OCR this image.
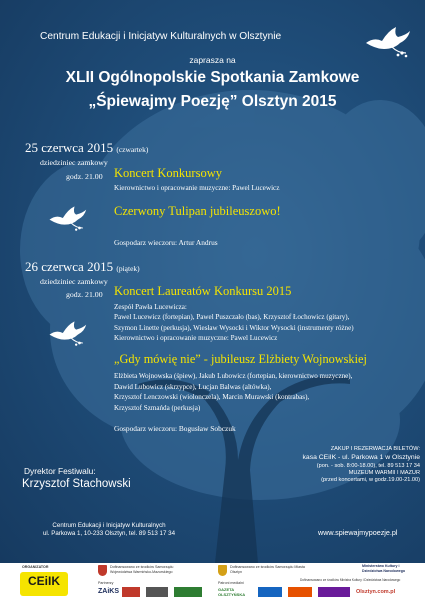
Centrum Edukacji i Inicjatyw Kulturalnych w Olsztynie
zaprasza na
XLII Ogólnopolskie Spotkania Zamkowe
„Śpiewajmy Poezję” Olsztyn 2015
25 czerwca 2015 (czwartek)
dziedziniec zamkowy
godz. 21.00 Koncert Konkursowy
Kierownictwo i opracowanie muzyczne: Pawel Lucewicz
Czerwony Tulipan jubileuszowo!
Gospodarz wieczoru: Artur Andrus
26 czerwca 2015 (piątek)
dziedziniec zamkowy
godz. 21.00 Koncert Laureatów Konkursu 2015
Zespół Pawła Lucewicza:
Pawel Lucewicz (fortepian), Pawel Puszczało (bas), Krzysztof Łochowicz (gitary),
Szymon Linette (perkusja), Wiesław Wysocki i Wiktor Wysocki (instrumenty różne)
Kierownictwo i opracowanie muzyczne: Pawel Lucewicz
„Gdy mówię nie” - jubileusz Elżbiety Wojnowskiej
Elżbieta Wojnowska (śpiew), Jakub Lubowicz (fortepian, kierownictwo muzyczne),
Dawid Lubowicz (skrzypce), Lucjan Balwas (altówka),
Krzysztof Lenczowski (wiolonczela), Marcin Murawski (kontrabas),
Krzysztof Szmańda (perkusja)
Gospodarz wieczoru: Bogusław Sobczuk
Dyrektor Festiwalu:
Krzysztof Stachowski
ZAKUP I REZERWACJA BILETÓW:
kasa CEiIK - ul. Parkowa 1 w Olsztynie
(pon. - sob. 8:00-18.00), tel. 89 513 17 34
MUZEUM WARMII I MAZUR
(przed koncertami, w godz.19.00-21.00)
Centrum Edukacji i Inicjatyw Kulturalnych
ul. Parkowa 1, 10-233 Olsztyn, tel. 89 513 17 34	www.spiewajmypoezje.pl
ORGANIZATOR
CEiIK
Dofinansowano ze środków Samorządu Województwa Warmińsko-Mazurskiego
Dofinansowano ze środków Samorządu Miasta Olsztyn
Ministerstwo Kultury i Dziedzictwa Narodowego
Partnerzy
ZAiKS
Patroni medialni
GAZETA OLSZTYŃSKA	Olsztyn.com.pl
Dofinansowano ze środków Ministra Kultury i Dziedzictwa Narodowego
